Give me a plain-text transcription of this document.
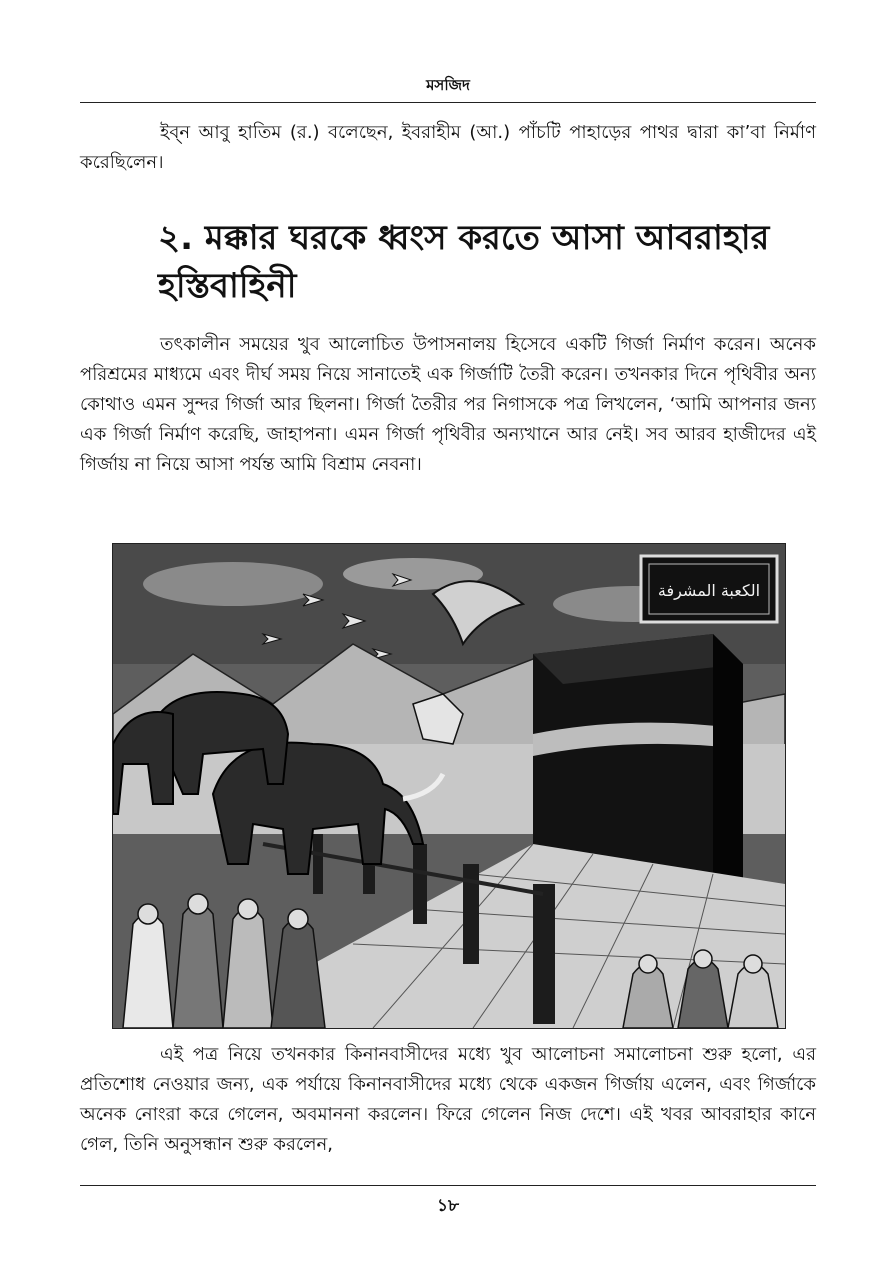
মসজিদ

ইব্‌ন আবু হাতিম (র.) বলেছেন, ইবরাহীম (আ.) পাঁচটি পাহাড়ের পাথর দ্বারা কা’বা নির্মাণ করেছিলেন।

২. মক্কার ঘরকে ধ্বংস করতে আসা আবরাহার হস্তিবাহিনী

তৎকালীন সময়ের খুব আলোচিত উপাসনালয় হিসেবে একটি গির্জা নির্মাণ করেন। অনেক পরিশ্রমের মাধ্যমে এবং দীর্ঘ সময় নিয়ে সানাতেই এক গির্জাটি তৈরী করেন। তখনকার দিনে পৃথিবীর অন্য কোথাও এমন সুন্দর গির্জা আর ছিলনা। গির্জা তৈরীর পর নিগাসকে পত্র লিখলেন, ‘আমি আপনার জন্য এক গির্জা নির্মাণ করেছি, জাহাপনা। এমন গির্জা পৃথিবীর অন্যখানে আর নেই। সব আরব হাজীদের এই গির্জায় না নিয়ে আসা পর্যন্ত আমি বিশ্রাম নেবনা।

الكعبة المشرفة

এই পত্র নিয়ে তখনকার কিনানবাসীদের মধ্যে খুব আলোচনা সমালোচনা শুরু হলো, এর প্রতিশোধ নেওয়ার জন্য, এক পর্যায়ে কিনানবাসীদের মধ্যে থেকে একজন গির্জায় এলেন, এবং গির্জাকে অনেক নোংরা করে গেলেন, অবমাননা করলেন। ফিরে গেলেন নিজ দেশে। এই খবর আবরাহার কানে গেল, তিনি অনুসন্ধান শুরু করলেন,

১৮
